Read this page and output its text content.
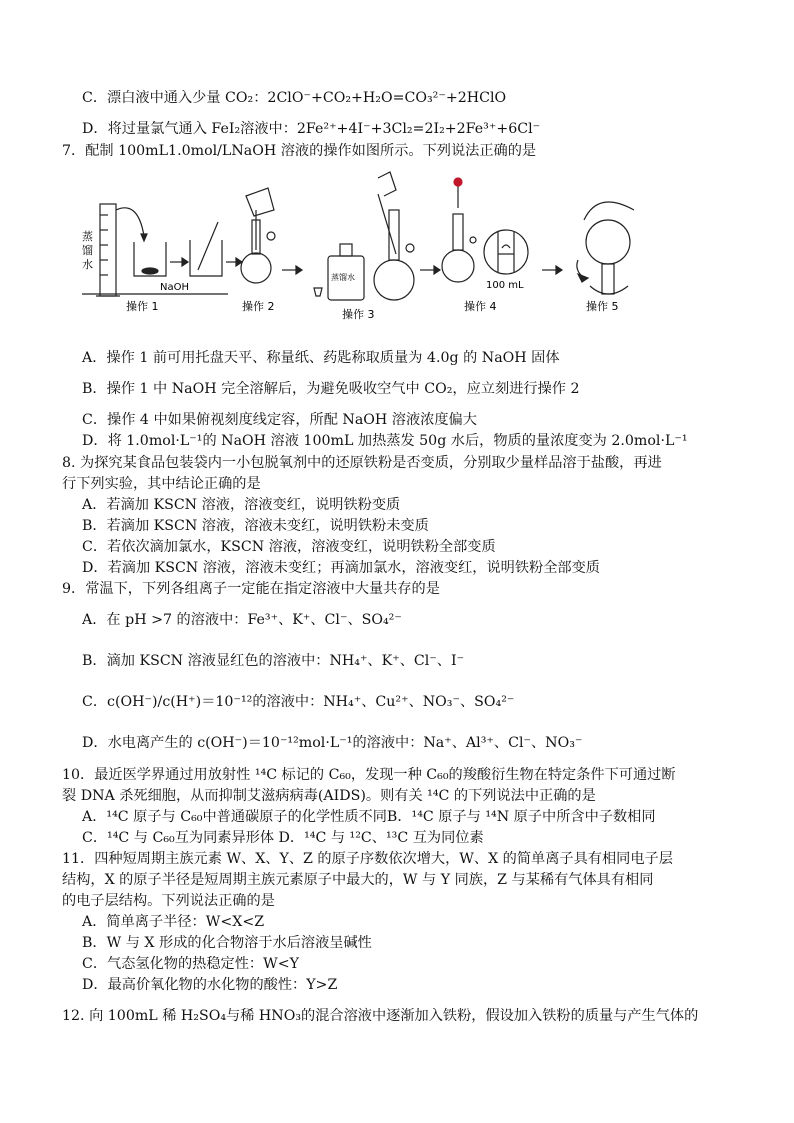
C．漂白液中通入少量 CO₂：2ClO⁻+CO₂+H₂O=CO₃²⁻+2HClO
D．将过量氯气通入 FeI₂溶液中：2Fe²⁺+4I⁻+3Cl₂=2I₂+2Fe³⁺+6Cl⁻
7．配制 100mL1.0mol/LNaOH 溶液的操作如图所示。下列说法正确的是
蒸
馏
水
NaOH
蒸馏水
100 mL
操作 1	操作 2
操作 3
操作 4	操作 5
A．操作 1 前可用托盘天平、称量纸、药匙称取质量为 4.0g 的 NaOH 固体
B．操作 1 中 NaOH 完全溶解后，为避免吸收空气中 CO₂，应立刻进行操作 2
C．操作 4 中如果俯视刻度线定容，所配 NaOH 溶液浓度偏大
D．将 1.0mol·L⁻¹的 NaOH 溶液 100mL 加热蒸发 50g 水后，物质的量浓度变为 2.0mol·L⁻¹
8. 为探究某食品包装袋内一小包脱氧剂中的还原铁粉是否变质，分别取少量样品溶于盐酸，再进
行下列实验，其中结论正确的是
A．若滴加 KSCN 溶液，溶液变红，说明铁粉变质
B．若滴加 KSCN 溶液，溶液未变红，说明铁粉未变质
C．若依次滴加氯水，KSCN 溶液，溶液变红，说明铁粉全部变质
D．若滴加 KSCN 溶液，溶液未变红；再滴加氯水，溶液变红，说明铁粉全部变质
9．常温下，下列各组离子一定能在指定溶液中大量共存的是
A．在 pH >7 的溶液中：Fe³⁺、K⁺、Cl⁻、SO₄²⁻
B．滴加 KSCN 溶液显红色的溶液中：NH₄⁺、K⁺、Cl⁻、I⁻
C．c(OH⁻)/c(H⁺)＝10⁻¹²的溶液中：NH₄⁺、Cu²⁺、NO₃⁻、SO₄²⁻
D．水电离产生的 c(OH⁻)＝10⁻¹²mol·L⁻¹的溶液中：Na⁺、Al³⁺、Cl⁻、NO₃⁻
10．最近医学界通过用放射性 ¹⁴C 标记的 C₆₀，发现一种 C₆₀的羧酸衍生物在特定条件下可通过断
裂 DNA 杀死细胞，从而抑制艾滋病病毒(AIDS)。则有关 ¹⁴C 的下列说法中正确的是
A．¹⁴C 原子与 C₆₀中普通碳原子的化学性质不同B．¹⁴C 原子与 ¹⁴N 原子中所含中子数相同
C．¹⁴C 与 C₆₀互为同素异形体 D．¹⁴C 与 ¹²C、¹³C 互为同位素
11．四种短周期主族元素 W、X、Y、Z 的原子序数依次增大，W、X 的简单离子具有相同电子层
结构，X 的原子半径是短周期主族元素原子中最大的，W 与 Y 同族，Z 与某稀有气体具有相同
的电子层结构。下列说法正确的是
A．简单离子半径：W<X<Z
B．W 与 X 形成的化合物溶于水后溶液呈碱性
C．气态氢化物的热稳定性：W<Y
D．最高价氧化物的水化物的酸性：Y>Z
12. 向 100mL 稀 H₂SO₄与稀 HNO₃的混合溶液中逐渐加入铁粉，假设加入铁粉的质量与产生气体的
